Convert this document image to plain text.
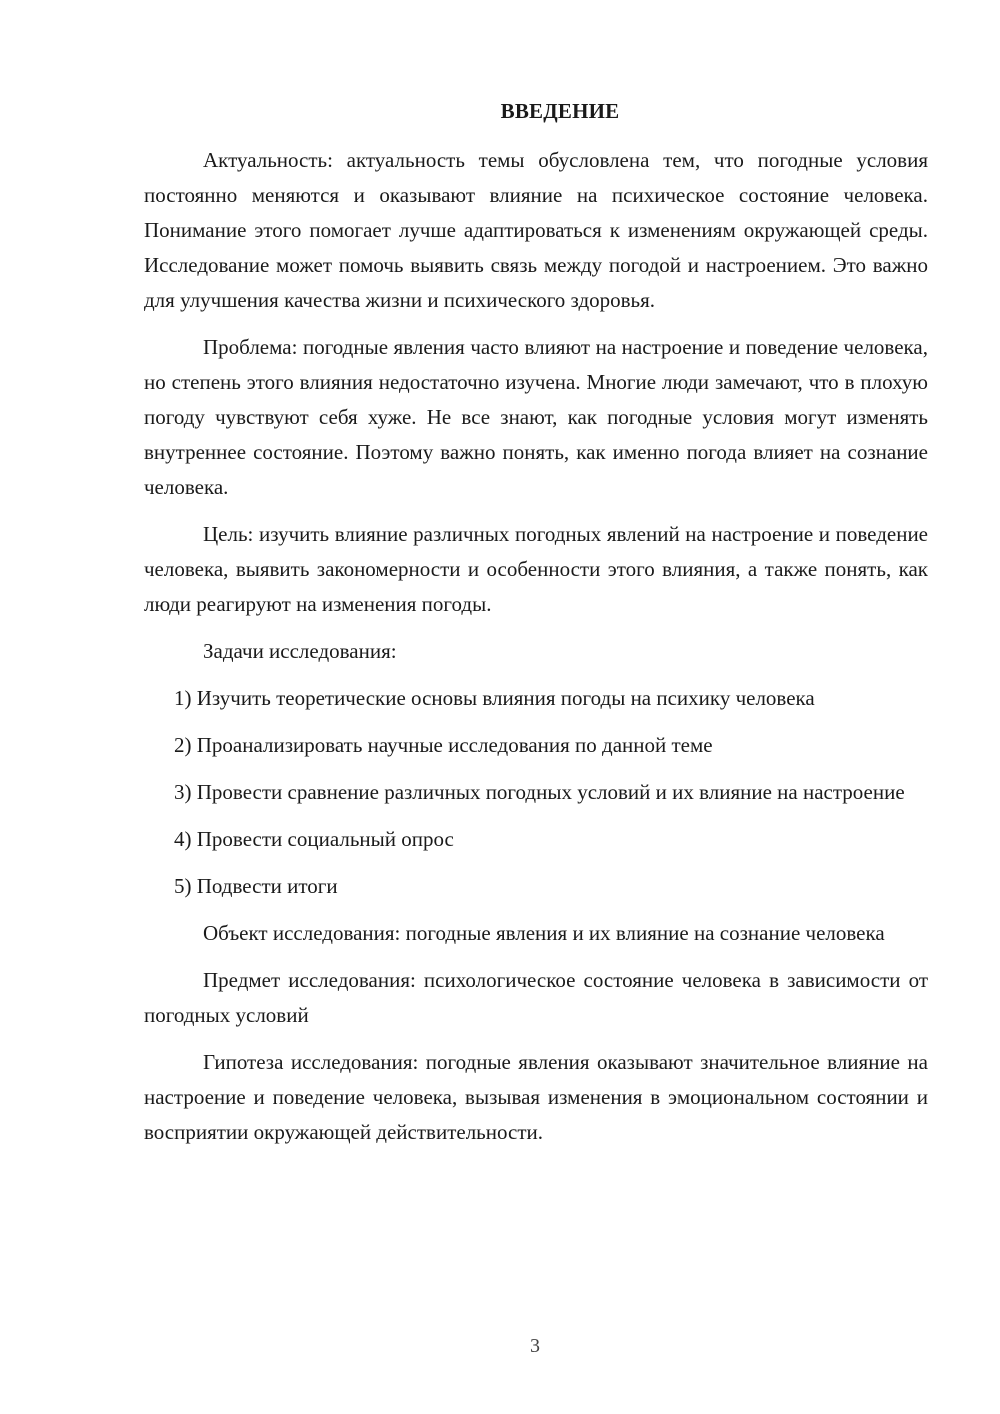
ВВЕДЕНИЕ

Актуальность: актуальность темы обусловлена тем, что погодные условия постоянно меняются и оказывают влияние на психическое состояние человека. Понимание этого помогает лучше адаптироваться к изменениям окружающей среды. Исследование может помочь выявить связь между погодой и настроением. Это важно для улучшения качества жизни и психического здоровья.

Проблема: погодные явления часто влияют на настроение и поведение человека, но степень этого влияния недостаточно изучена. Многие люди замечают, что в плохую погоду чувствуют себя хуже. Не все знают, как погодные условия могут изменять внутреннее состояние. Поэтому важно понять, как именно погода влияет на сознание человека.

Цель: изучить влияние различных погодных явлений на настроение и поведение человека, выявить закономерности и особенности этого влияния, а также понять, как люди реагируют на изменения погоды.

Задачи исследования:

1) Изучить теоретические основы влияния погоды на психику человека

2) Проанализировать научные исследования по данной теме

3) Провести сравнение различных погодных условий и их влияние на настроение

4) Провести социальный опрос

5) Подвести итоги

Объект исследования: погодные явления и их влияние на сознание человека

Предмет исследования: психологическое состояние человека в зависимости от погодных условий

Гипотеза исследования: погодные явления оказывают значительное влияние на настроение и поведение человека, вызывая изменения в эмоциональном состоянии и восприятии окружающей действительности.

3
